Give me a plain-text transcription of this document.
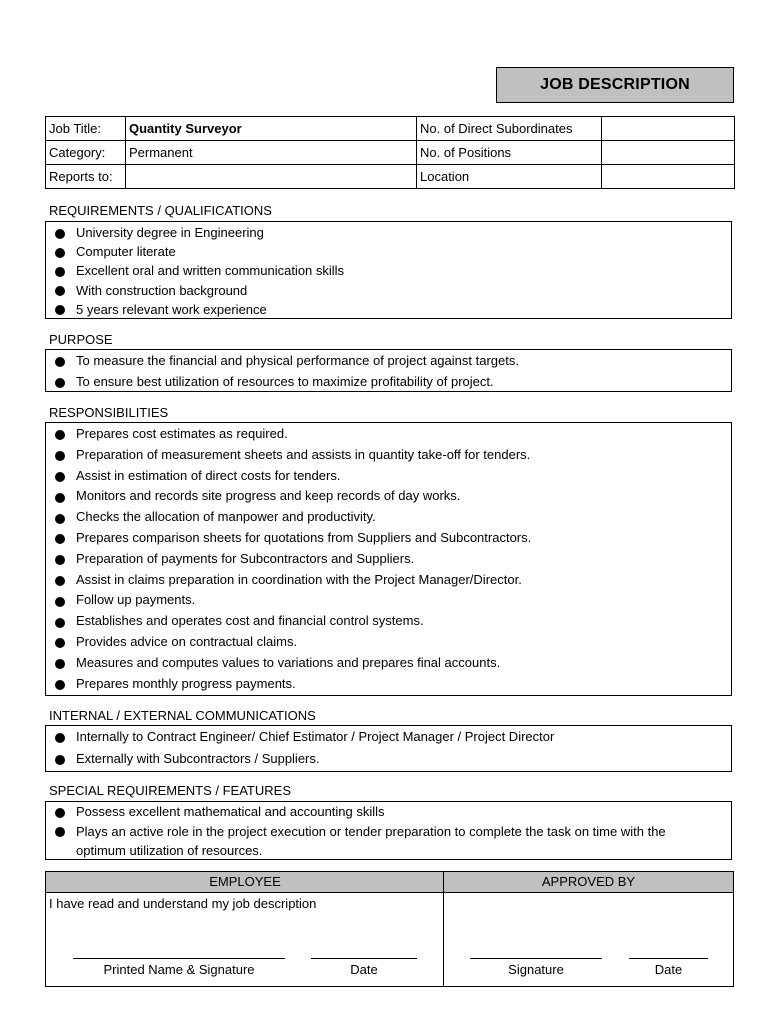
JOB DESCRIPTION
Job Title:	Quantity Surveyor	No. of Direct Subordinates	
Category:	Permanent	No. of Positions	
Reports to:		Location	
REQUIREMENTS / QUALIFICATIONS
University degree in Engineering
Computer literate
Excellent oral and written communication skills
With construction background
5 years relevant work experience
PURPOSE
To measure the financial and physical performance of project against targets.
To ensure best utilization of resources to maximize profitability of project.
RESPONSIBILITIES
Prepares cost estimates as required.
Preparation of measurement sheets and assists in quantity take-off for tenders.
Assist in estimation of direct costs for tenders.
Monitors and records site progress and keep records of day works.
Checks the allocation of manpower and productivity.
Prepares comparison sheets for quotations from Suppliers and Subcontractors.
Preparation of payments for Subcontractors and Suppliers.
Assist in claims preparation in coordination with the Project Manager/Director.
Follow up payments.
Establishes and operates cost and financial control systems.
Provides advice on contractual claims.
Measures and computes values to variations and prepares final accounts.
Prepares monthly progress payments.
INTERNAL / EXTERNAL COMMUNICATIONS
Internally to Contract Engineer/ Chief Estimator / Project Manager / Project Director
Externally with Subcontractors / Suppliers.
SPECIAL REQUIREMENTS / FEATURES
Possess excellent mathematical and accounting skills
Plays an active role in the project execution or tender preparation to complete the task on time with the optimum utilization of resources.
EMPLOYEE	APPROVED BY
I have read and understand my job description
Printed Name & Signature	Date	Signature	Date
